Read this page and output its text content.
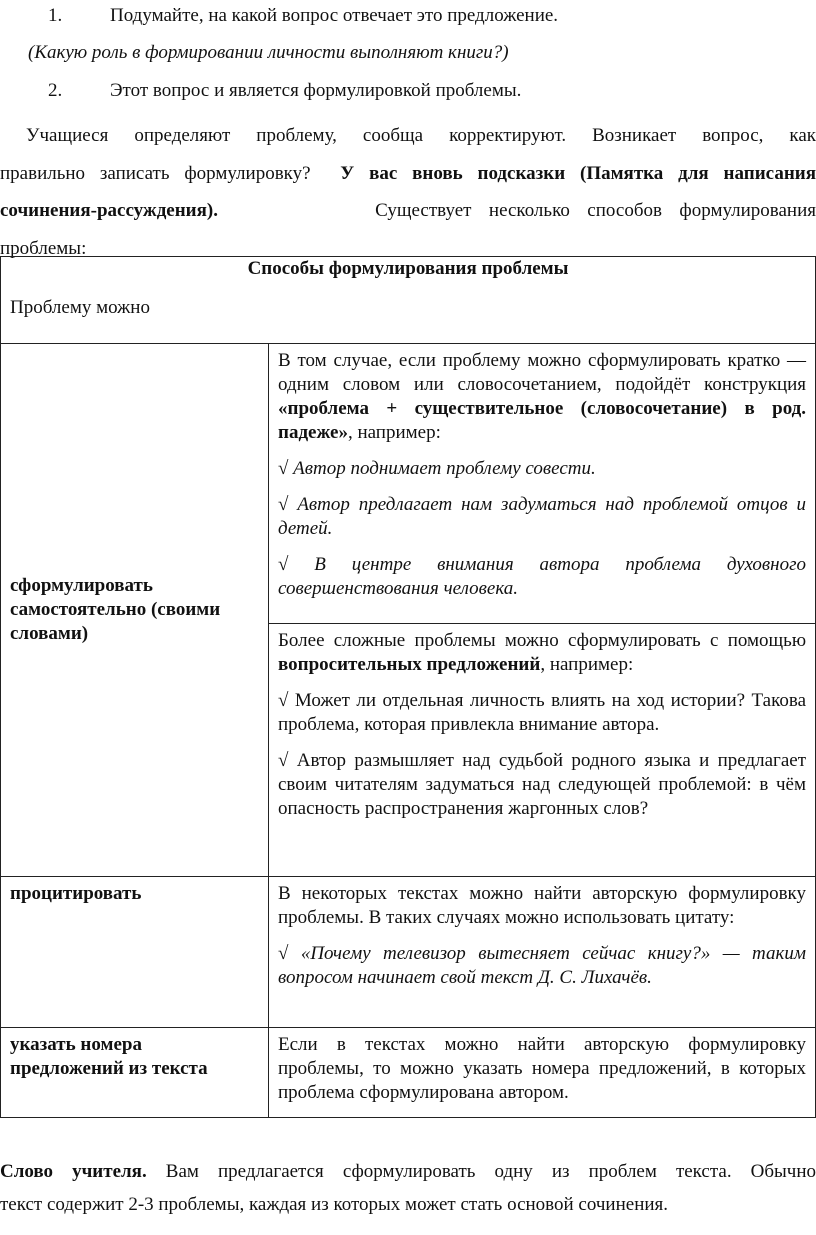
1.	Подумайте, на какой вопрос отвечает это предложение.
(Какую роль в формировании личности выполняют книги?)
2.	Этот вопрос и является формулировкой проблемы.
Учащиеся определяют проблему, сообща корректируют. Возникает вопрос, как
правильно записать формулировку? У вас вновь подсказки (Памятка для написания
сочинения-рассуждения).	Существует несколько способов формулирования
проблемы:
Способы формулирования проблемы
Проблему можно	

сформулировать самостоятельно (своими словами)	В том случае, если проблему можно сформулировать кратко — одним словом или словосочетанием, подойдёт конструкция «проблема + существительное (словосочетание) в род. падеже», например:

√ Автор поднимает проблему совести.

√ Автор предлагает нам задуматься над проблемой отцов и детей.

√ В центре внимания автора проблема духовного совершенствования человека.

	Более сложные проблемы можно сформулировать с помощью вопросительных предложений, например:

√ Может ли отдельная личность влиять на ход истории? Такова проблема, которая привлекла внимание автора.

√ Автор размышляет над судьбой родного языка и предлагает своим читателям задуматься над следующей проблемой: в чём опасность распространения жаргонных слов?

процитировать	В некоторых текстах можно найти авторскую формулировку проблемы. В таких случаях можно использовать цитату:

√ «Почему телевизор вытесняет сейчас книгу?» — таким вопросом начинает свой текст Д. С. Лихачёв.

указать номера предложений из текста	Если в текстах можно найти авторскую формулировку проблемы, то можно указать номера предложений, в которых проблема сформулирована автором.

Слово учителя. Вам предлагается сформулировать одну из проблем текста. Обычно
текст содержит 2-3 проблемы, каждая из которых может стать основой сочинения.
